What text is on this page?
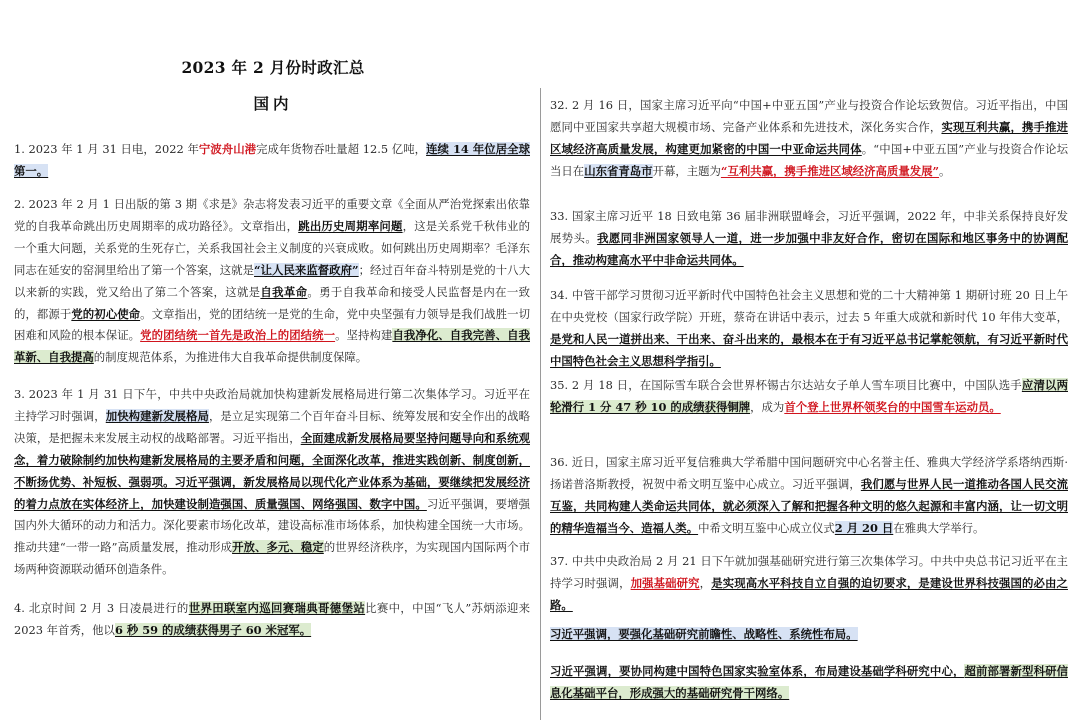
2023 年 2 月份时政汇总
国内

1. 2023 年 1 月 31 日电，2022 年宁波舟山港完成年货物吞吐量超 12.5 亿吨，连续 14 年位居全球第一。

2. 2023 年 2 月 1 日出版的第 3 期《求是》杂志将发表习近平的重要文章《全面从严治党探索出依靠党的自我革命跳出历史周期率的成功路径》。文章指出，跳出历史周期率问题，这是关系党千秋伟业的一个重大问题，关系党的生死存亡，关系我国社会主义制度的兴衰成败。如何跳出历史周期率？毛泽东同志在延安的窑洞里给出了第一个答案，这就是“让人民来监督政府”；经过百年奋斗特别是党的十八大以来新的实践，党又给出了第二个答案，这就是自我革命。勇于自我革命和接受人民监督是内在一致的，都源于党的初心使命。文章指出，党的团结统一是党的生命，党中央坚强有力领导是我们战胜一切困难和风险的根本保证。党的团结统一首先是政治上的团结统一。坚持构建自我净化、自我完善、自我革新、自我提高的制度规范体系，为推进伟大自我革命提供制度保障。

3. 2023 年 1 月 31 日下午，中共中央政治局就加快构建新发展格局进行第二次集体学习。习近平在主持学习时强调，加快构建新发展格局，是立足实现第二个百年奋斗目标、统筹发展和安全作出的战略决策，是把握未来发展主动权的战略部署。习近平指出，全面建成新发展格局要坚持问题导向和系统观念，着力破除制约加快构建新发展格局的主要矛盾和问题，全面深化改革，推进实践创新、制度创新，不断扬优势、补短板、强弱项。习近平强调，新发展格局以现代化产业体系为基础，要继续把发展经济的着力点放在实体经济上，加快建设制造强国、质量强国、网络强国、数字中国。习近平强调，要增强国内外大循环的动力和活力。深化要素市场化改革，建设高标准市场体系，加快构建全国统一大市场。推动共建“一带一路”高质量发展，推动形成开放、多元、稳定的世界经济秩序，为实现国内国际两个市场两种资源联动循环创造条件。

4. 北京时间 2 月 3 日凌晨进行的世界田联室内巡回赛瑞典哥德堡站比赛中，中国“飞人”苏炳添迎来 2023 年首秀，他以6 秒 59 的成绩获得男子 60 米冠军。

32. 2 月 16 日，国家主席习近平向“中国+中亚五国”产业与投资合作论坛致贺信。习近平指出，中国愿同中亚国家共享超大规模市场、完备产业体系和先进技术，深化务实合作，实现互利共赢，携手推进区域经济高质量发展，构建更加紧密的中国一中亚命运共同体。“中国+中亚五国”产业与投资合作论坛当日在山东省青岛市开幕，主题为“互利共赢，携手推进区域经济高质量发展”。

33. 国家主席习近平 18 日致电第 36 届非洲联盟峰会，习近平强调，2022 年，中非关系保持良好发展势头。我愿同非洲国家领导人一道，进一步加强中非友好合作，密切在国际和地区事务中的协调配合，推动构建高水平中非命运共同体。

34. 中管干部学习贯彻习近平新时代中国特色社会主义思想和党的二十大精神第 1 期研讨班 20 日上午在中央党校（国家行政学院）开班，蔡奇在讲话中表示，过去 5 年重大成就和新时代 10 年伟大变革，是党和人民一道拼出来、干出来、奋斗出来的，最根本在于有习近平总书记掌舵领航，有习近平新时代中国特色社会主义思想科学指引。

35. 2 月 18 日，在国际雪车联合会世界杯锡古尔达站女子单人雪车项目比赛中，中国队选手应清以两轮滑行 1 分 47 秒 10 的成绩获得铜牌，成为首个登上世界杯领奖台的中国雪车运动员。

36. 近日，国家主席习近平复信雅典大学希腊中国问题研究中心名誉主任、雅典大学经济学系塔纳西斯·扬诺普洛斯教授，祝贺中希文明互鉴中心成立。习近平强调，我们愿与世界人民一道推动各国人民交流互鉴，共同构建人类命运共同体，就必须深入了解和把握各种文明的悠久起源和丰富内涵，让一切文明的精华造福当今、造福人类。中希文明互鉴中心成立仪式2 月 20 日在雅典大学举行。

37. 中共中央政治局 2 月 21 日下午就加强基础研究进行第三次集体学习。中共中央总书记习近平在主持学习时强调，加强基础研究，是实现高水平科技自立自强的迫切要求，是建设世界科技强国的必由之路。

习近平强调，要强化基础研究前瞻性、战略性、系统性布局。

习近平强调，要协同构建中国特色国家实验室体系，布局建设基础学科研究中心，超前部署新型科研信息化基础平台，形成强大的基础研究骨干网络。
